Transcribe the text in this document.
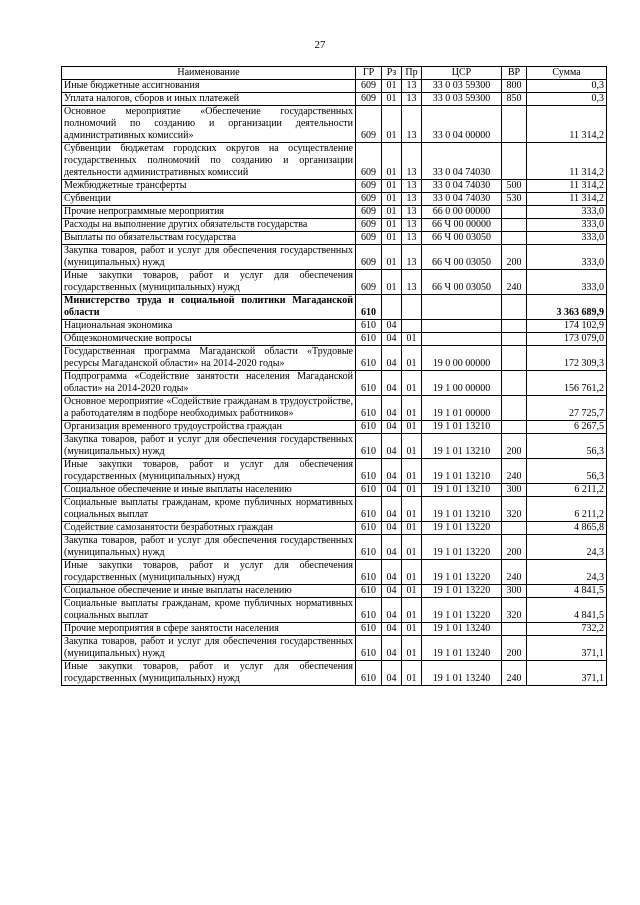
27
Наименование	ГР	Рз	Пр	ЦСР	ВР	Сумма
Иные бюджетные ассигнования	609	01	13	33 0 03 59300	800	0,3
Уплата налогов, сборов и иных платежей	609	01	13	33 0 03 59300	850	0,3
Основное мероприятие «Обеспечение государственных полномочий по созданию и организации деятельности административных комиссий»	609	01	13	33 0 04 00000		11 314,2
Субвенции бюджетам городских округов на осуществление государственных полномочий по созданию и организации деятельности административных комиссий	609	01	13	33 0 04 74030		11 314,2
Межбюджетные трансферты	609	01	13	33 0 04 74030	500	11 314,2
Субвенции	609	01	13	33 0 04 74030	530	11 314,2
Прочие непрограммные мероприятия	609	01	13	66 0 00 00000		333,0
Расходы на выполнение других обязательств государства	609	01	13	66 Ч 00 00000		333,0
Выплаты по обязательствам государства	609	01	13	66 Ч 00 03050		333,0
Закупка товаров, работ и услуг для обеспечения государственных (муниципальных) нужд	609	01	13	66 Ч 00 03050	200	333,0
Иные закупки товаров, работ и услуг для обеспечения государственных (муниципальных) нужд	609	01	13	66 Ч 00 03050	240	333,0
Министерство труда и социальной политики Магаданской области	610					3 363 689,9
Национальная экономика	610	04				174 102,9
Общеэкономические вопросы	610	04	01			173 079,0
Государственная программа Магаданской области «Трудовые ресурсы Магаданской области» на 2014-2020 годы»	610	04	01	19 0 00 00000		172 309,3
Подпрограмма «Содействие занятости населения Магаданской области» на 2014-2020 годы»	610	04	01	19 1 00 00000		156 761,2
Основное мероприятие «Содействие гражданам в трудоустройстве, а работодателям в подборе необходимых работников»	610	04	01	19 1 01 00000		27 725,7
Организация временного трудоустройства граждан	610	04	01	19 1 01 13210		6 267,5
Закупка товаров, работ и услуг для обеспечения государственных (муниципальных) нужд	610	04	01	19 1 01 13210	200	56,3
Иные закупки товаров, работ и услуг для обеспечения государственных (муниципальных) нужд	610	04	01	19 1 01 13210	240	56,3
Социальное обеспечение и иные выплаты населению	610	04	01	19 1 01 13210	300	6 211,2
Социальные выплаты гражданам, кроме публичных нормативных социальных выплат	610	04	01	19 1 01 13210	320	6 211,2
Содействие самозанятости безработных граждан	610	04	01	19 1 01 13220		4 865,8
Закупка товаров, работ и услуг для обеспечения государственных (муниципальных) нужд	610	04	01	19 1 01 13220	200	24,3
Иные закупки товаров, работ и услуг для обеспечения государственных (муниципальных) нужд	610	04	01	19 1 01 13220	240	24,3
Социальное обеспечение и иные выплаты населению	610	04	01	19 1 01 13220	300	4 841,5
Социальные выплаты гражданам, кроме публичных нормативных социальных выплат	610	04	01	19 1 01 13220	320	4 841,5
Прочие мероприятия в сфере занятости населения	610	04	01	19 1 01 13240		732,2
Закупка товаров, работ и услуг для обеспечения государственных (муниципальных) нужд	610	04	01	19 1 01 13240	200	371,1
Иные закупки товаров, работ и услуг для обеспечения государственных (муниципальных) нужд	610	04	01	19 1 01 13240	240	371,1
